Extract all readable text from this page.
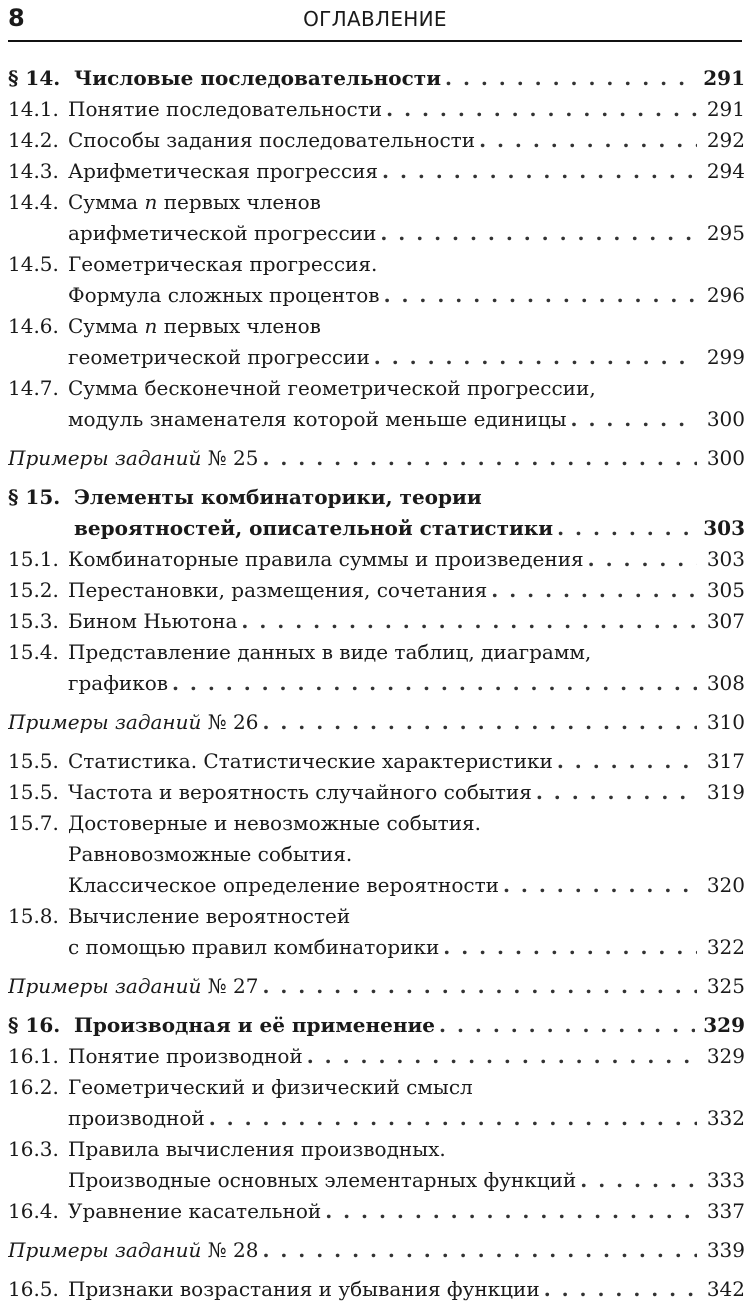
8	ОГЛАВЛЕНИЕ
§ 14. Числовые последовательности . . .	291
14.1. Понятие последовательности . . .	291
14.2. Способы задания последовательности . . .	292
14.3. Арифметическая прогрессия . . .	294
14.4. Сумма n первых членов
арифметической прогрессии . . .	295
14.5. Геометрическая прогрессия.
Формула сложных процентов . . .	296
14.6. Сумма n первых членов
геометрической прогрессии . . .	299
14.7. Сумма бесконечной геометрической прогрессии,
модуль знаменателя которой меньше единицы . . .	300
Примеры заданий № 25 . . .	300
§ 15. Элементы комбинаторики, теории
вероятностей, описательной статистики . . .	303
15.1. Комбинаторные правила суммы и произведения . . .	303
15.2. Перестановки, размещения, сочетания . . .	305
15.3. Бином Ньютона . . .	307
15.4. Представление данных в виде таблиц, диаграмм,
графиков . . .	308
Примеры заданий № 26 . . .	310
15.5. Статистика. Статистические характеристики . . .	317
15.5. Частота и вероятность случайного события . . .	319
15.7. Достоверные и невозможные события.
Равновозможные события.
Классическое определение вероятности . . .	320
15.8. Вычисление вероятностей
с помощью правил комбинаторики . . .	322
Примеры заданий № 27 . . .	325
§ 16. Производная и её применение . . .	329
16.1. Понятие производной . . .	329
16.2. Геометрический и физический смысл
производной . . .	332
16.3. Правила вычисления производных.
Производные основных элементарных функций . . .	333
16.4. Уравнение касательной . . .	337
Примеры заданий № 28 . . .	339
16.5. Признаки возрастания и убывания функции . . .	342
